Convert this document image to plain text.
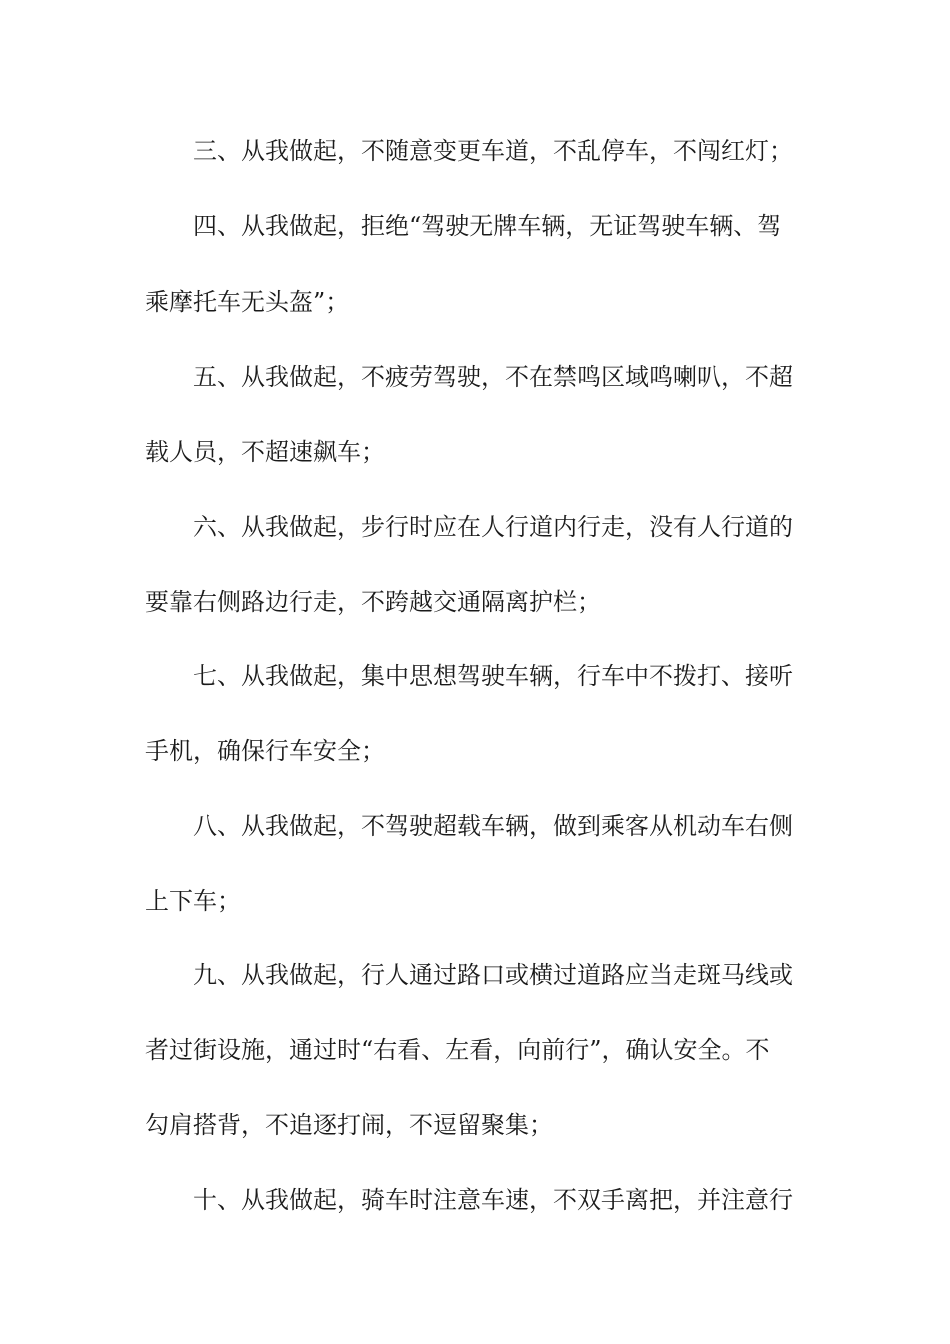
三、从我做起，不随意变更车道，不乱停车，不闯红灯；
四、从我做起，拒绝“驾驶无牌车辆，无证驾驶车辆、驾
乘摩托车无头盔”；
五、从我做起，不疲劳驾驶，不在禁鸣区域鸣喇叭，不超
载人员，不超速飙车；
六、从我做起，步行时应在人行道内行走，没有人行道的
要靠右侧路边行走，不跨越交通隔离护栏；
七、从我做起，集中思想驾驶车辆，行车中不拨打、接听
手机，确保行车安全；
八、从我做起，不驾驶超载车辆，做到乘客从机动车右侧
上下车；
九、从我做起，行人通过路口或横过道路应当走斑马线或
者过街设施，通过时“右看、左看，向前行”，确认安全。不
勾肩搭背，不追逐打闹，不逗留聚集；
十、从我做起，骑车时注意车速，不双手离把，并注意行
